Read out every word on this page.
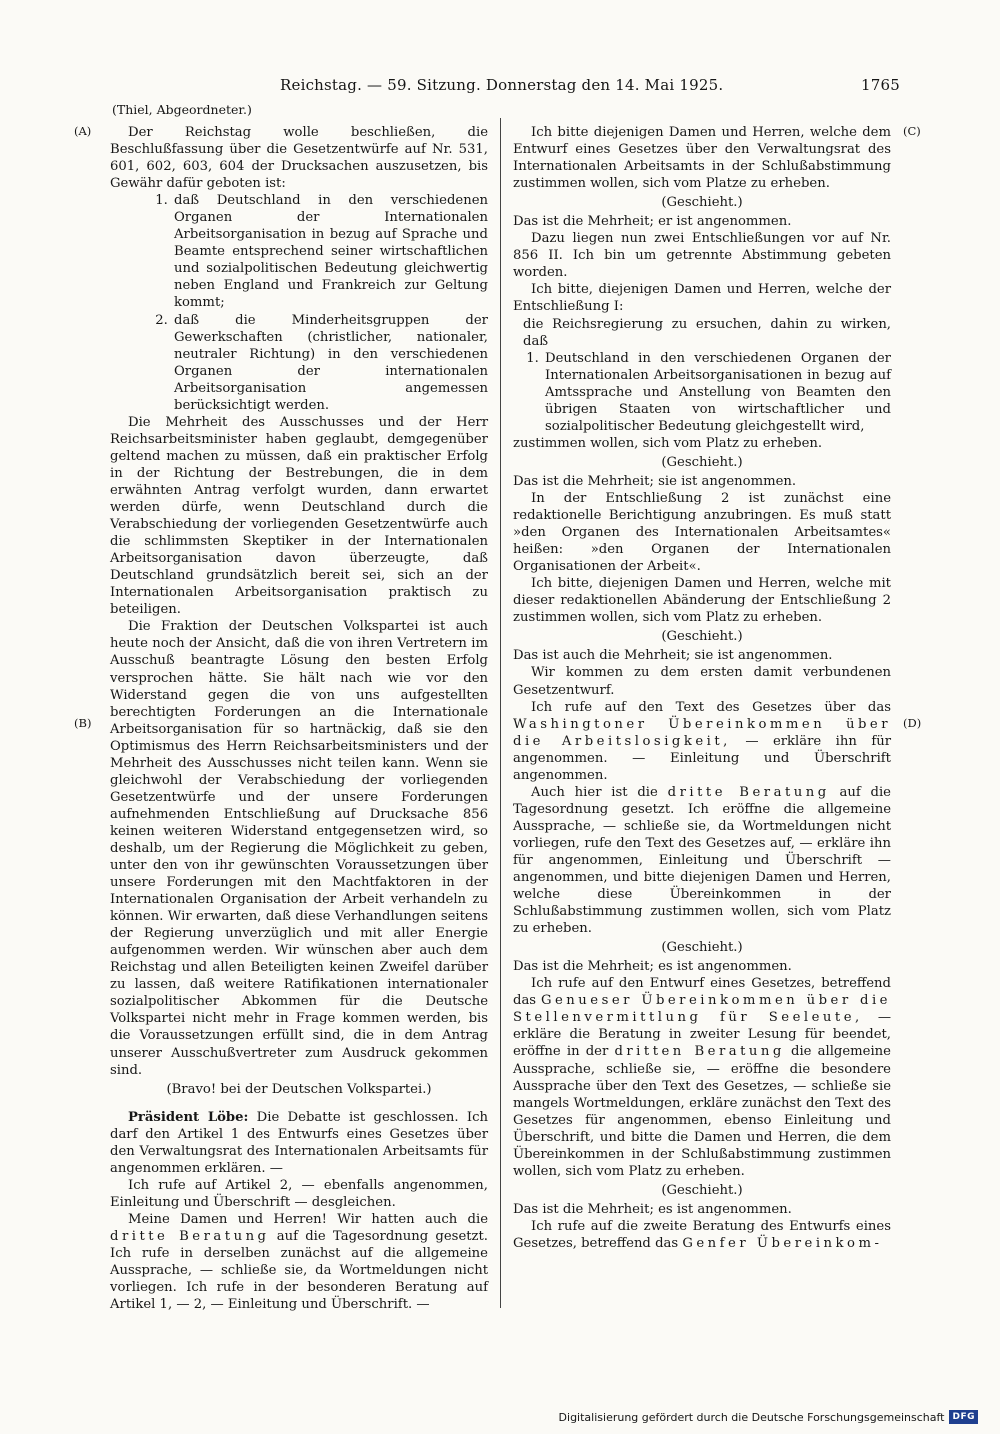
Reichstag. — 59. Sitzung. Donnerstag den 14. Mai 1925.	1765
(Thiel, Abgeordneter.)
(A)
(B)
(C)
(D)

Der Reichstag wolle beschließen, die Beschlußfassung über die Gesetzentwürfe auf Nr. 531, 601, 602, 603, 604 der Drucksachen auszusetzen, bis Gewähr dafür geboten ist:

1. daß Deutschland in den verschiedenen Organen der Internationalen Arbeitsorganisation in bezug auf Sprache und Beamte entsprechend seiner wirtschaftlichen und sozialpolitischen Bedeutung gleichwertig neben England und Frankreich zur Geltung kommt;
2. daß die Minderheitsgruppen der Gewerkschaften (christlicher, nationaler, neutraler Richtung) in den verschiedenen Organen der internationalen Arbeitsorganisation angemessen berücksichtigt werden.

Die Mehrheit des Ausschusses und der Herr Reichsarbeitsminister haben geglaubt, demgegenüber geltend machen zu müssen, daß ein praktischer Erfolg in der Richtung der Bestrebungen, die in dem erwähnten Antrag verfolgt wurden, dann erwartet werden dürfe, wenn Deutschland durch die Verabschiedung der vorliegenden Gesetzentwürfe auch die schlimmsten Skeptiker in der Internationalen Arbeitsorganisation davon überzeugte, daß Deutschland grundsätzlich bereit sei, sich an der Internationalen Arbeitsorganisation praktisch zu beteiligen.

Die Fraktion der Deutschen Volkspartei ist auch heute noch der Ansicht, daß die von ihren Vertretern im Ausschuß beantragte Lösung den besten Erfolg versprochen hätte. Sie hält nach wie vor den Widerstand gegen die von uns aufgestellten berechtigten Forderungen an die Internationale Arbeitsorganisation für so hartnäckig, daß sie den Optimismus des Herrn Reichsarbeitsministers und der Mehrheit des Ausschusses nicht teilen kann. Wenn sie gleichwohl der Verabschiedung der vorliegenden Gesetzentwürfe und der unsere Forderungen aufnehmenden Entschließung auf Drucksache 856 keinen weiteren Widerstand entgegensetzen wird, so deshalb, um der Regierung die Möglichkeit zu geben, unter den von ihr gewünschten Voraussetzungen über unsere Forderungen mit den Machtfaktoren in der Internationalen Organisation der Arbeit verhandeln zu können. Wir erwarten, daß diese Verhandlungen seitens der Regierung unverzüglich und mit aller Energie aufgenommen werden. Wir wünschen aber auch dem Reichstag und allen Beteiligten keinen Zweifel darüber zu lassen, daß weitere Ratifikationen internationaler sozialpolitischer Abkommen für die Deutsche Volkspartei nicht mehr in Frage kommen werden, bis die Voraussetzungen erfüllt sind, die in dem Antrag unserer Ausschußvertreter zum Ausdruck gekommen sind.

(Bravo! bei der Deutschen Volkspartei.)

Präsident Löbe: Die Debatte ist geschlossen. Ich darf den Artikel 1 des Entwurfs eines Gesetzes über den Verwaltungsrat des Internationalen Arbeitsamts für angenommen erklären. —

Ich rufe auf Artikel 2, — ebenfalls angenommen, Einleitung und Überschrift — desgleichen.

Meine Damen und Herren! Wir hatten auch die dritte Beratung auf die Tagesordnung gesetzt. Ich rufe in derselben zunächst auf die allgemeine Aussprache, — schließe sie, da Wortmeldungen nicht vorliegen. Ich rufe in der besonderen Beratung auf Artikel 1, — 2, — Einleitung und Überschrift. —

Ich bitte diejenigen Damen und Herren, welche dem Entwurf eines Gesetzes über den Verwaltungsrat des Internationalen Arbeitsamts in der Schlußabstimmung zustimmen wollen, sich vom Platze zu erheben.

(Geschieht.)

Das ist die Mehrheit; er ist angenommen.

Dazu liegen nun zwei Entschließungen vor auf Nr. 856 II. Ich bin um getrennte Abstimmung gebeten worden.

Ich bitte, diejenigen Damen und Herren, welche der Entschließung I:

die Reichsregierung zu ersuchen, dahin zu wirken, daß

1. Deutschland in den verschiedenen Organen der Internationalen Arbeitsorganisationen in bezug auf Amtssprache und Anstellung von Beamten den übrigen Staaten von wirtschaftlicher und sozialpolitischer Bedeutung gleichgestellt wird,

zustimmen wollen, sich vom Platz zu erheben.

(Geschieht.)

Das ist die Mehrheit; sie ist angenommen.

In der Entschließung 2 ist zunächst eine redaktionelle Berichtigung anzubringen. Es muß statt »den Organen des Internationalen Arbeitsamtes« heißen: »den Organen der Internationalen Organisationen der Arbeit«.

Ich bitte, diejenigen Damen und Herren, welche mit dieser redaktionellen Abänderung der Entschließung 2 zustimmen wollen, sich vom Platz zu erheben.

(Geschieht.)

Das ist auch die Mehrheit; sie ist angenommen.

Wir kommen zu dem ersten damit verbundenen Gesetzentwurf.

Ich rufe auf den Text des Gesetzes über das Washingtoner Übereinkommen über die Arbeitslosigkeit, — erkläre ihn für angenommen. — Einleitung und Überschrift angenommen.

Auch hier ist die dritte Beratung auf die Tagesordnung gesetzt. Ich eröffne die allgemeine Aussprache, — schließe sie, da Wortmeldungen nicht vorliegen, rufe den Text des Gesetzes auf, — erkläre ihn für angenommen, Einleitung und Überschrift — angenommen, und bitte diejenigen Damen und Herren, welche diese Übereinkommen in der Schlußabstimmung zustimmen wollen, sich vom Platz zu erheben.

(Geschieht.)

Das ist die Mehrheit; es ist angenommen.

Ich rufe auf den Entwurf eines Gesetzes, betreffend das Genueser Übereinkommen über die Stellenvermittlung für Seeleute, — erkläre die Beratung in zweiter Lesung für beendet, eröffne in der dritten Beratung die allgemeine Aussprache, schließe sie, — eröffne die besondere Aussprache über den Text des Gesetzes, — schließe sie mangels Wortmeldungen, erkläre zunächst den Text des Gesetzes für angenommen, ebenso Einleitung und Überschrift, und bitte die Damen und Herren, die dem Übereinkommen in der Schlußabstimmung zustimmen wollen, sich vom Platz zu erheben.

(Geschieht.)

Das ist die Mehrheit; es ist angenommen.

Ich rufe auf die zweite Beratung des Entwurfs eines Gesetzes, betreffend das Genfer Übereinkom-

Digitalisierung gefördert durch die Deutsche Forschungsgemeinschaft DFG
